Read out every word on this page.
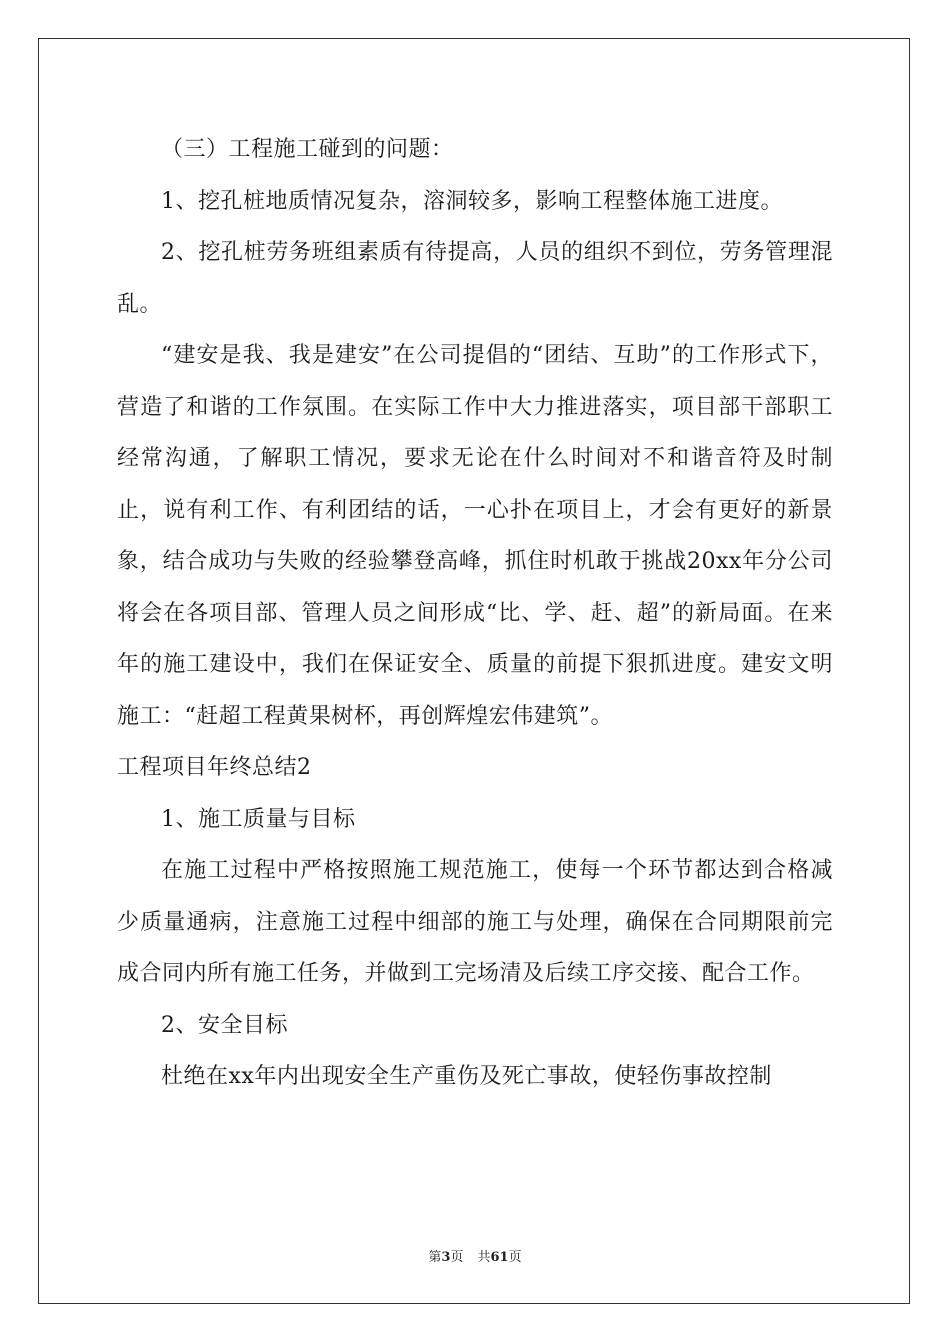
（三）工程施工碰到的问题：

1、挖孔桩地质情况复杂，溶洞较多，影响工程整体施工进度。

2、挖孔桩劳务班组素质有待提高，人员的组织不到位，劳务管理混乱。

“建安是我、我是建安”在公司提倡的“团结、互助”的工作形式下，营造了和谐的工作氛围。在实际工作中大力推进落实，项目部干部职工经常沟通，了解职工情况，要求无论在什么时间对不和谐音符及时制止，说有利工作、有利团结的话，一心扑在项目上，才会有更好的新景象，结合成功与失败的经验攀登高峰，抓住时机敢于挑战20xx年分公司将会在各项目部、管理人员之间形成“比、学、赶、超”的新局面。在来年的施工建设中，我们在保证安全、质量的前提下狠抓进度。建安文明施工：“赶超工程黄果树杯，再创辉煌宏伟建筑”。

工程项目年终总结2

1、施工质量与目标

在施工过程中严格按照施工规范施工，使每一个环节都达到合格减少质量通病，注意施工过程中细部的施工与处理，确保在合同期限前完成合同内所有施工任务，并做到工完场清及后续工序交接、配合工作。

2、安全目标

杜绝在xx年内出现安全生产重伤及死亡事故，使轻伤事故控制

第3页 共61页
